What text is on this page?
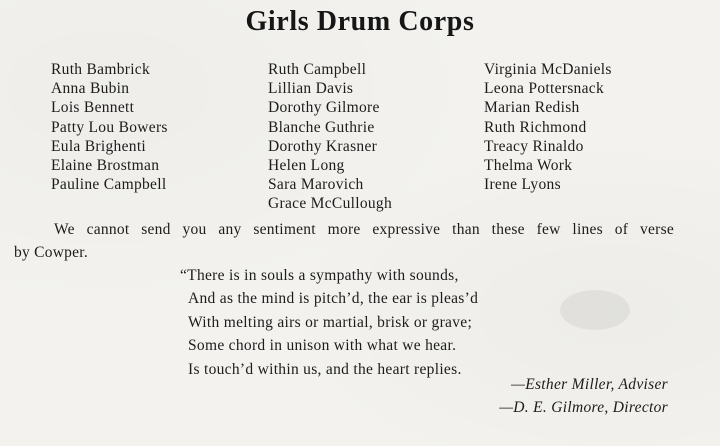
Girls Drum Corps
Ruth Bambrick
Anna Bubin
Lois Bennett
Patty Lou Bowers
Eula Brighenti
Elaine Brostman
Pauline Campbell
Ruth Campbell
Lillian Davis
Dorothy Gilmore
Blanche Guthrie
Dorothy Krasner
Helen Long
Sara Marovich
Grace McCullough
Virginia McDaniels
Leona Pottersnack
Marian Redish
Ruth Richmond
Treacy Rinaldo
Thelma Work
Irene Lyons

We cannot send you any sentiment more expressive than these few lines of verse
by Cowper.

“There is in souls a sympathy with sounds,
And as the mind is pitch’d, the ear is pleas’d
With melting airs or martial, brisk or grave;
Some chord in unison with what we hear.
Is touch’d within us, and the heart replies.
—Esther Miller, Adviser
—D. E. Gilmore, Director
